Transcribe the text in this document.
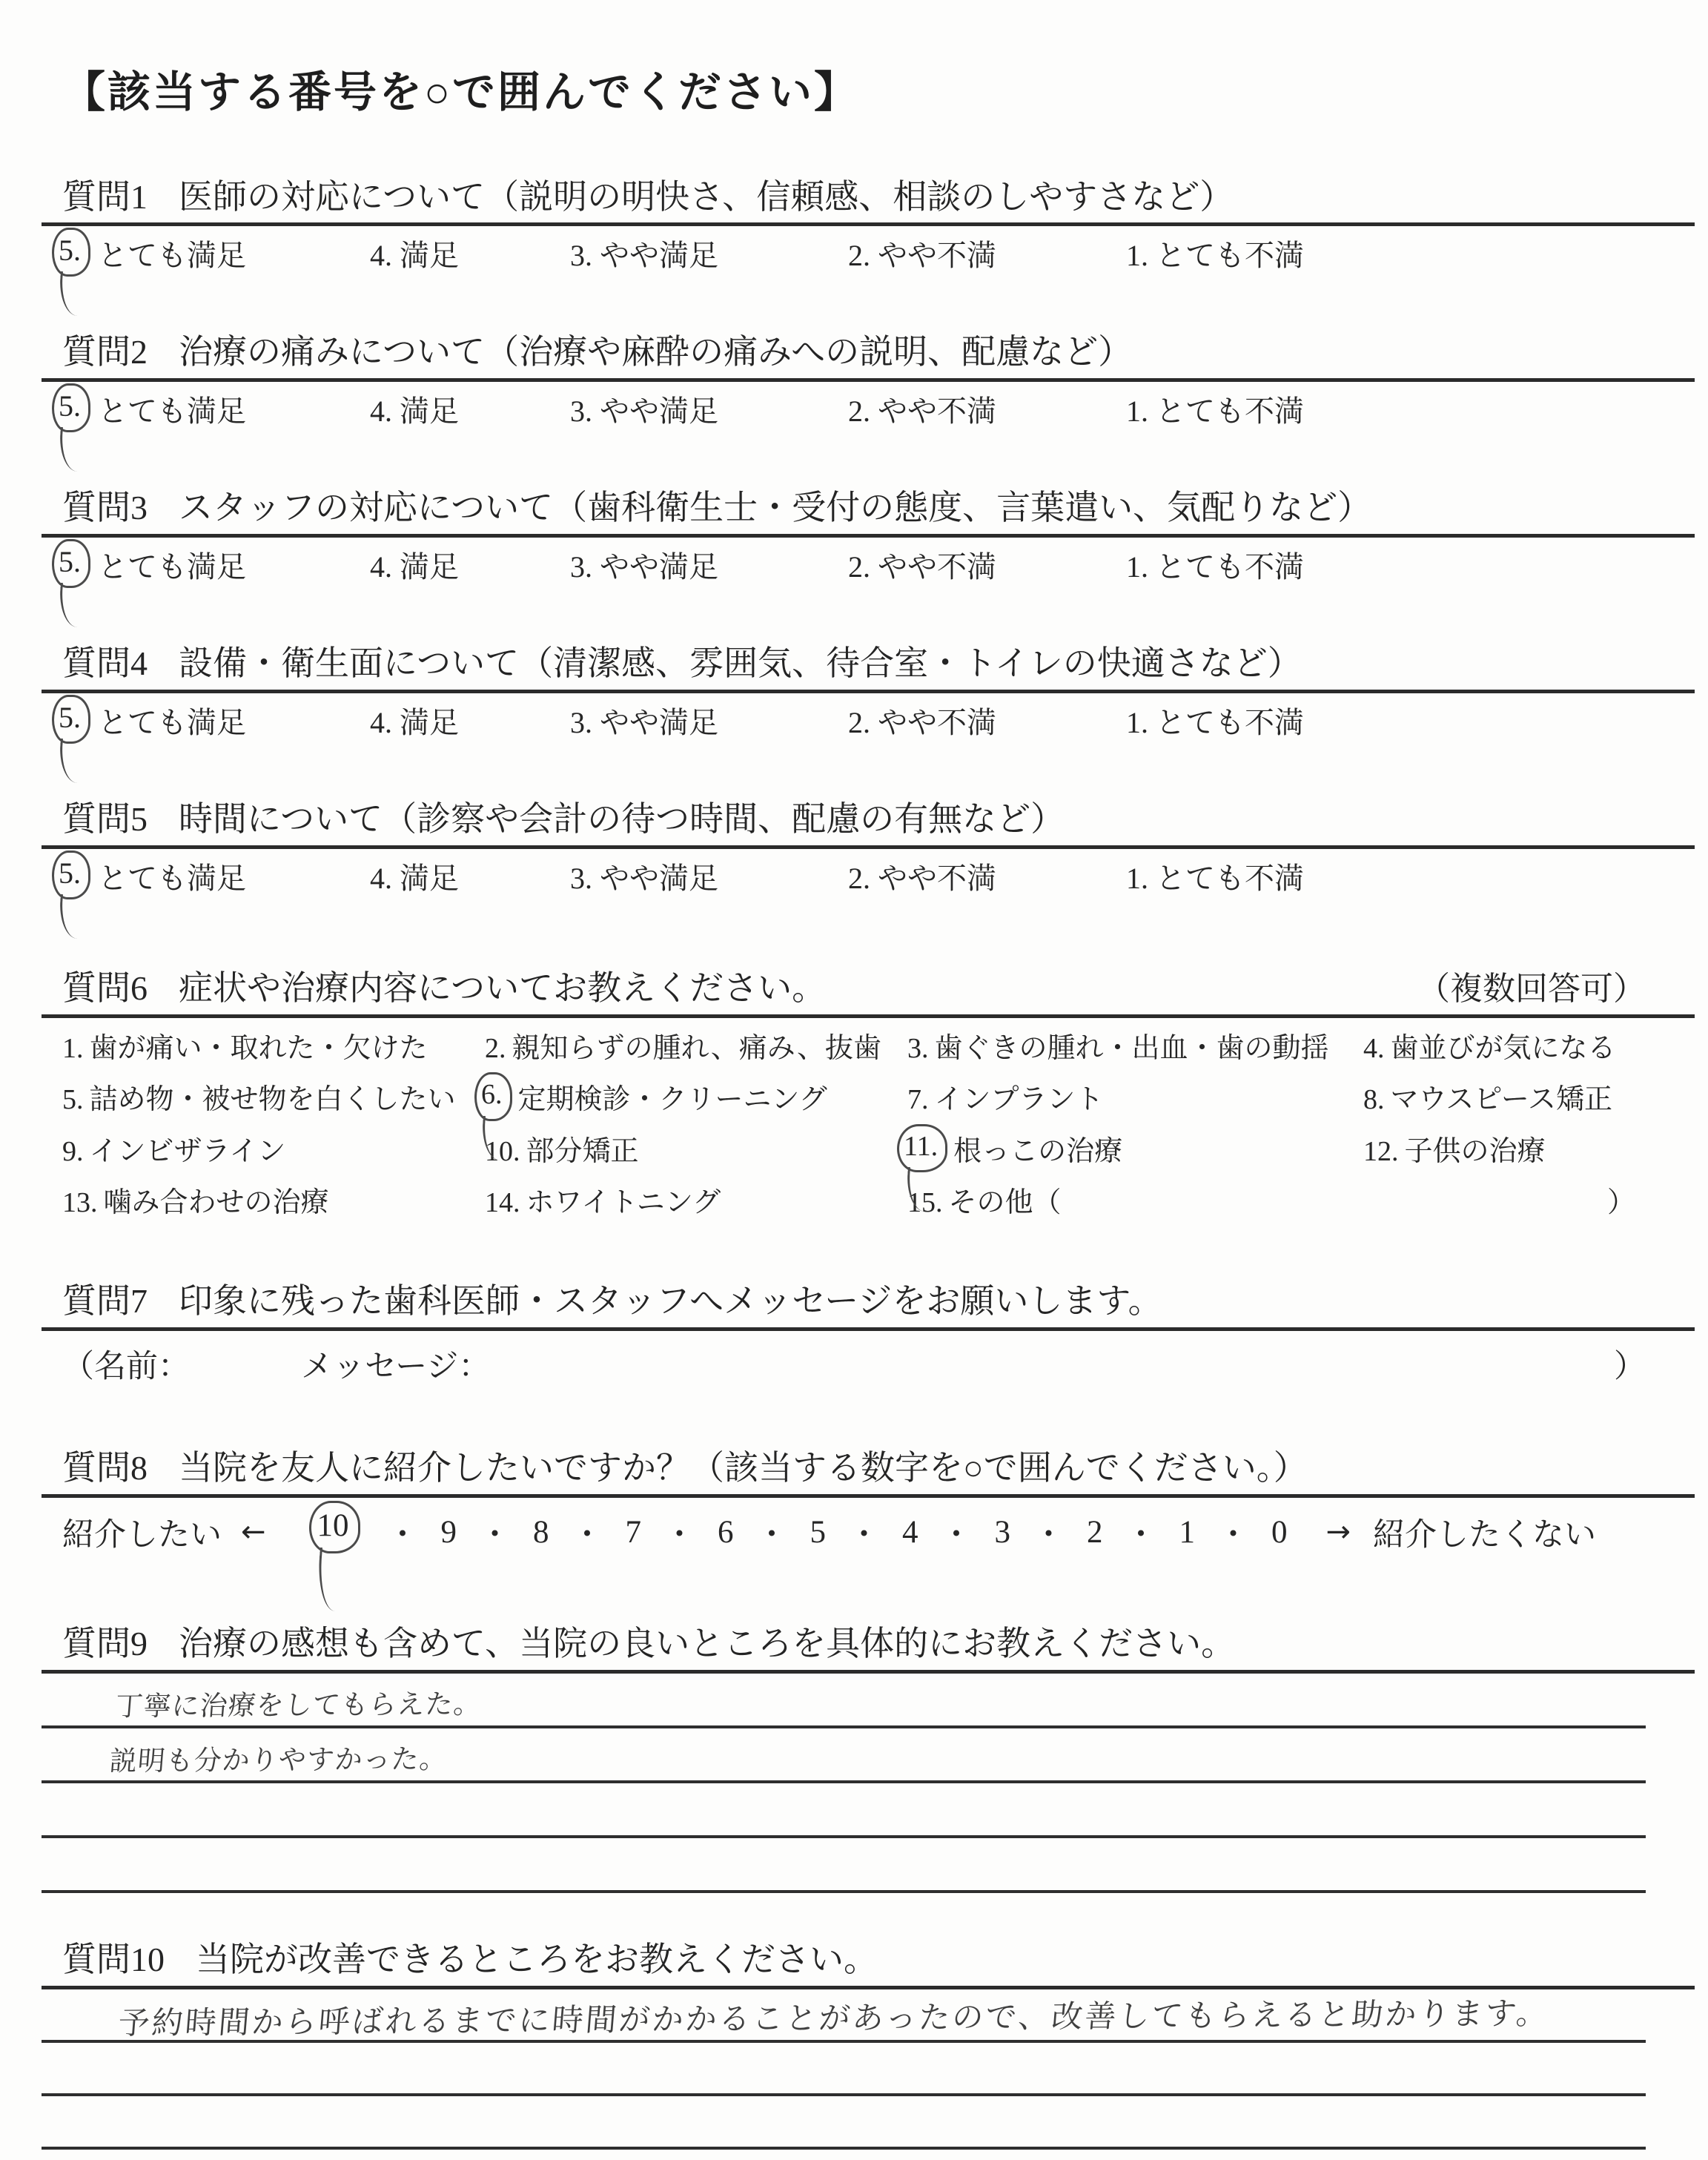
【該当する番号を○で囲んでください】
質問1 医師の対応について（説明の明快さ、信頼感、相談のしやすさなど）
5. とても満足	4. 満足	3. やや満足	2. やや不満	1. とても不満
質問2 治療の痛みについて（治療や麻酔の痛みへの説明、配慮など）
5. とても満足	4. 満足	3. やや満足	2. やや不満	1. とても不満
質問3 スタッフの対応について（歯科衛生士・受付の態度、言葉遣い、気配りなど）
5. とても満足	4. 満足	3. やや満足	2. やや不満	1. とても不満
質問4 設備・衛生面について（清潔感、雰囲気、待合室・トイレの快適さなど）
5. とても満足	4. 満足	3. やや満足	2. やや不満	1. とても不満
質問5 時間について（診察や会計の待つ時間、配慮の有無など）
5. とても満足	4. 満足	3. やや満足	2. やや不満	1. とても不満
質問6 症状や治療内容についてお教えください。	（複数回答可）
1. 歯が痛い・取れた・欠けた	2. 親知らずの腫れ、痛み、抜歯 3. 歯ぐきの腫れ・出血・歯の動揺	4. 歯並びが気になる
5. 詰め物・被せ物を白くしたい 6. 定期検診・クリーニング	7. インプラント	8. マウスピース矯正
9. インビザライン	10. 部分矯正	11. 根っこの治療	12. 子供の治療
13. 噛み合わせの治療	14. ホワイトニング	15. その他（	）
質問7 印象に残った歯科医師・スタッフへメッセージをお願いします。
（名前：	メッセージ：	）
質問8 当院を友人に紹介したいですか？（該当する数字を○で囲んでください。）
紹介したい ← 10	・ 9 ・ 8 ・ 7 ・ 6 ・ 5 ・ 4 ・ 3 ・ 2 ・ 1 ・ 0 → 紹介したくない
質問9 治療の感想も含めて、当院の良いところを具体的にお教えください。
丁寧に治療をしてもらえた。
説明も分かりやすかった。
質問10 当院が改善できるところをお教えください。
予約時間から呼ばれるまでに時間がかかることがあったので、改善してもらえると助かります。
